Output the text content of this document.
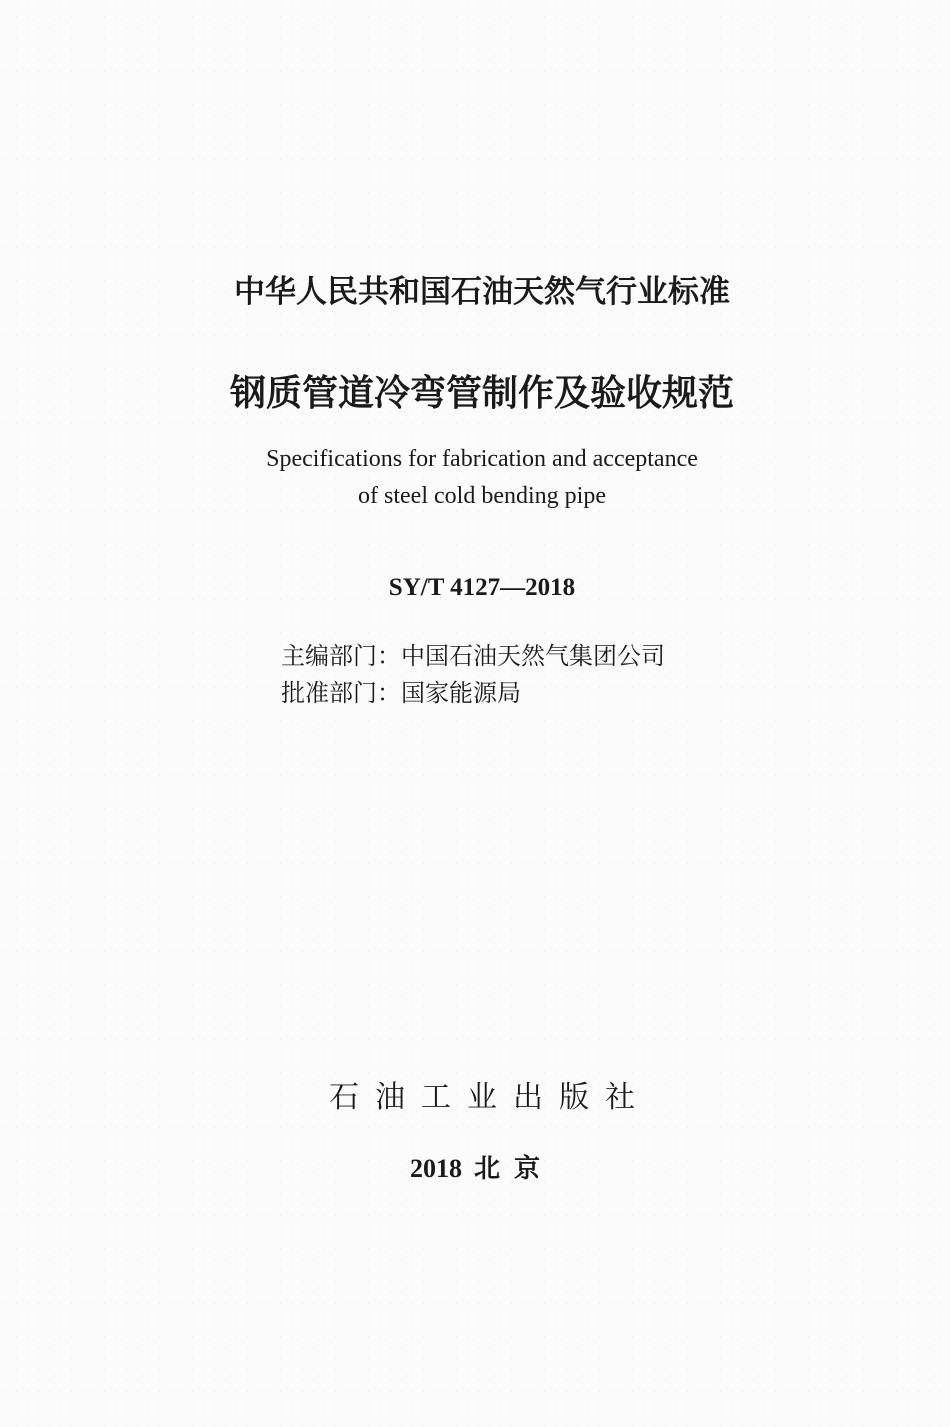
中华人民共和国石油天然气行业标准
钢质管道冷弯管制作及验收规范
Specifications for fabrication and acceptance
of steel cold bending pipe
SY/T 4127—2018
主编部门：中国石油天然气集团公司
批准部门：国家能源局
石油工业出版社
2018 北京
